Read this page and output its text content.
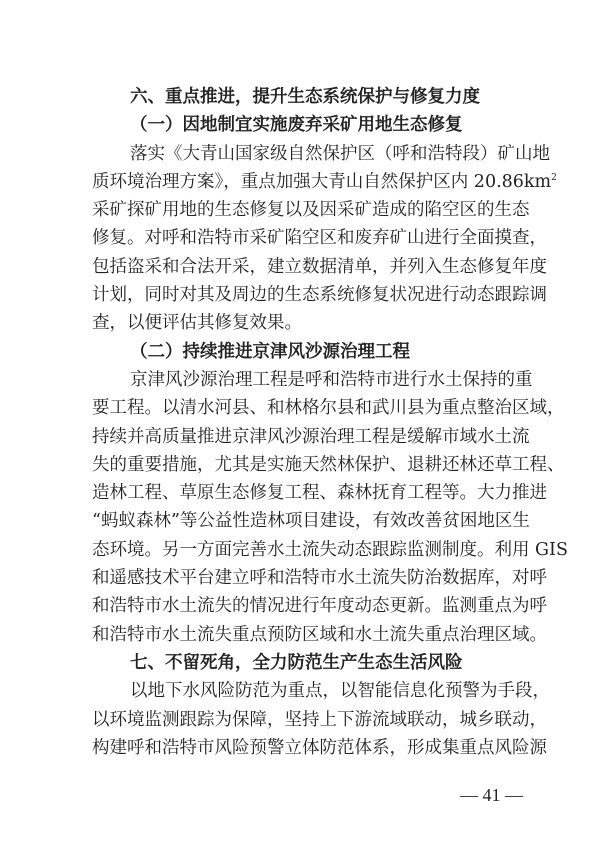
六、重点推进，提升生态系统保护与修复力度
（一）因地制宜实施废弃采矿用地生态修复
落实《大青山国家级自然保护区（呼和浩特段）矿山地
质环境治理方案》，重点加强大青山自然保护区内 $20.86km^2$
采矿探矿用地的生态修复以及因采矿造成的陷空区的生态
修复。对呼和浩特市采矿陷空区和废弃矿山进行全面摸查，
包括盗采和合法开采，建立数据清单，并列入生态修复年度
计划，同时对其及周边的生态系统修复状况进行动态跟踪调
查，以便评估其修复效果。
（二）持续推进京津风沙源治理工程
京津风沙源治理工程是呼和浩特市进行水土保持的重
要工程。以清水河县、和林格尔县和武川县为重点整治区域，
持续并高质量推进京津风沙源治理工程是缓解市域水土流
失的重要措施，尤其是实施天然林保护、退耕还林还草工程、
造林工程、草原生态修复工程、森林抚育工程等。大力推进
“蚂蚁森林”等公益性造林项目建设，有效改善贫困地区生
态环境。另一方面完善水土流失动态跟踪监测制度。利用 GIS
和遥感技术平台建立呼和浩特市水土流失防治数据库，对呼
和浩特市水土流失的情况进行年度动态更新。监测重点为呼
和浩特市水土流失重点预防区域和水土流失重点治理区域。
七、不留死角，全力防范生产生态生活风险
以地下水风险防范为重点，以智能信息化预警为手段，
以环境监测跟踪为保障，坚持上下游流域联动，城乡联动，
构建呼和浩特市风险预警立体防范体系，形成集重点风险源
— 41 —
